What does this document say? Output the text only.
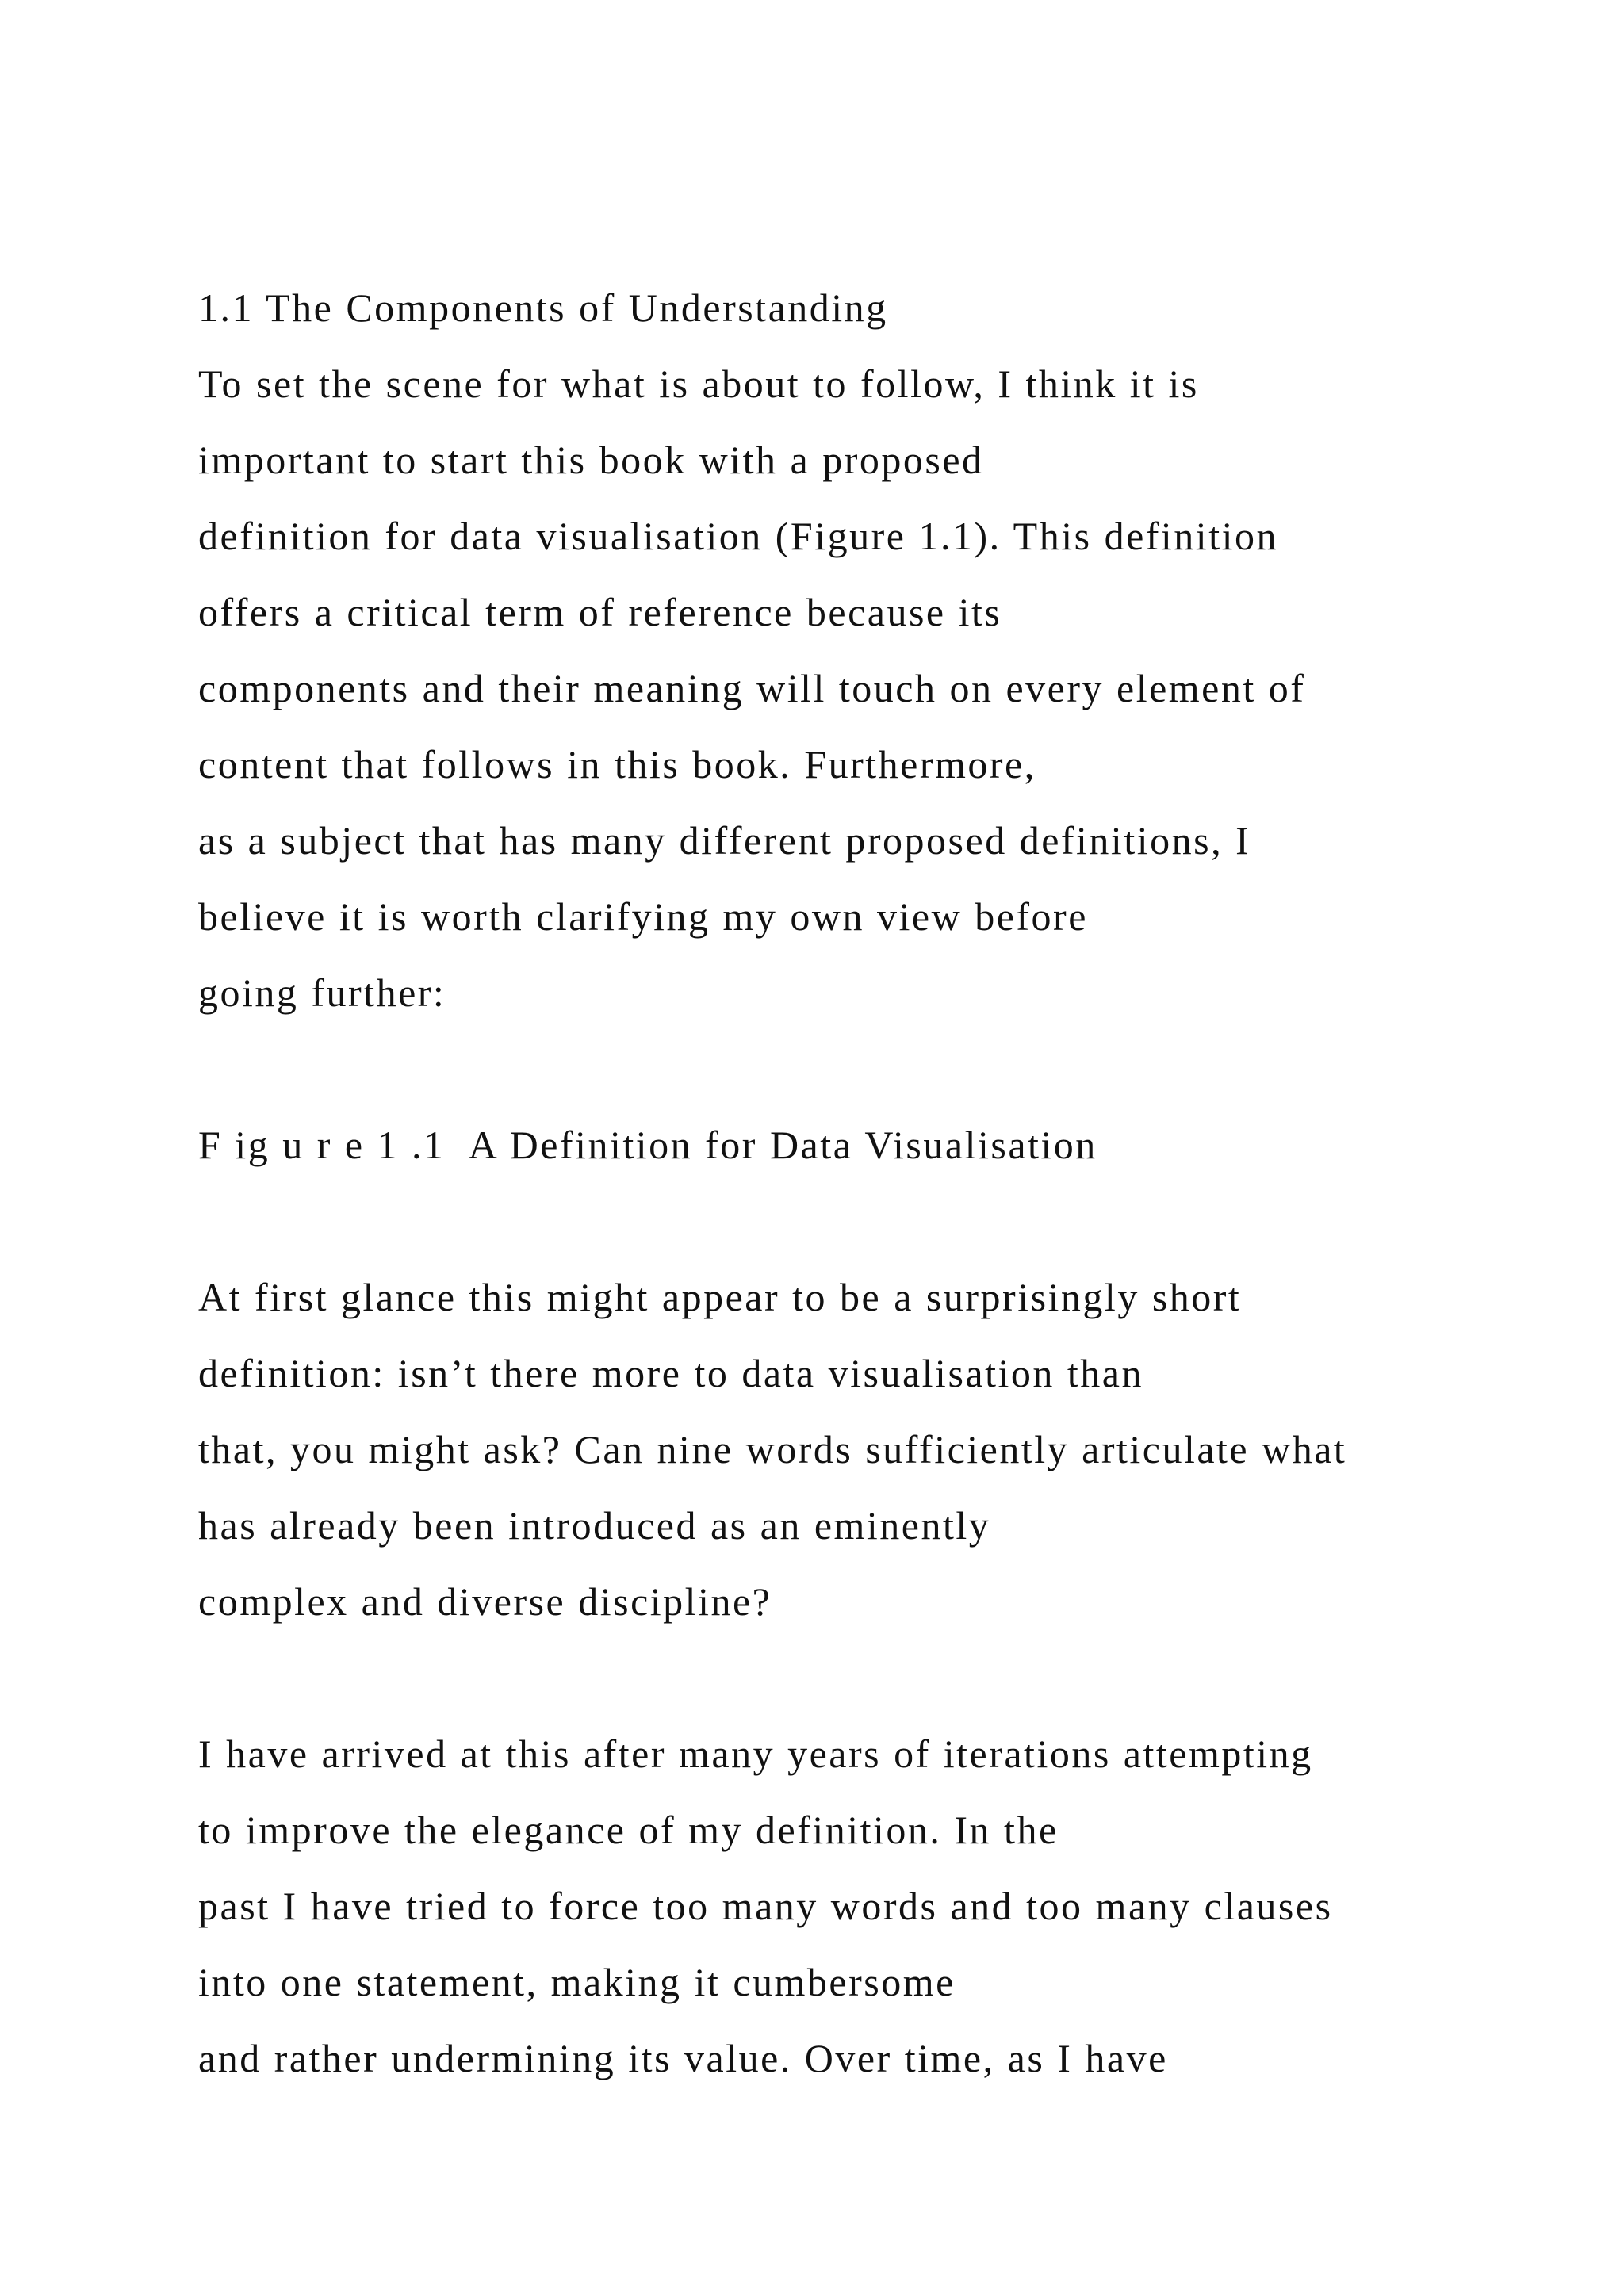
1.1 The Components of Understanding
To set the scene for what is about to follow, I think it is
important to start this book with a proposed
definition for data visualisation (Figure 1.1). This definition
offers a critical term of reference because its
components and their meaning will touch on every element of
content that follows in this book. Furthermore,
as a subject that has many different proposed definitions, I
believe it is worth clarifying my own view before
going further:
F ig u r e 1 .1  A Definition for Data Visualisation
At first glance this might appear to be a surprisingly short
definition: isn’t there more to data visualisation than
that, you might ask? Can nine words sufficiently articulate what
has already been introduced as an eminently
complex and diverse discipline?
I have arrived at this after many years of iterations attempting
to improve the elegance of my definition. In the
past I have tried to force too many words and too many clauses
into one statement, making it cumbersome
and rather undermining its value. Over time, as I have
